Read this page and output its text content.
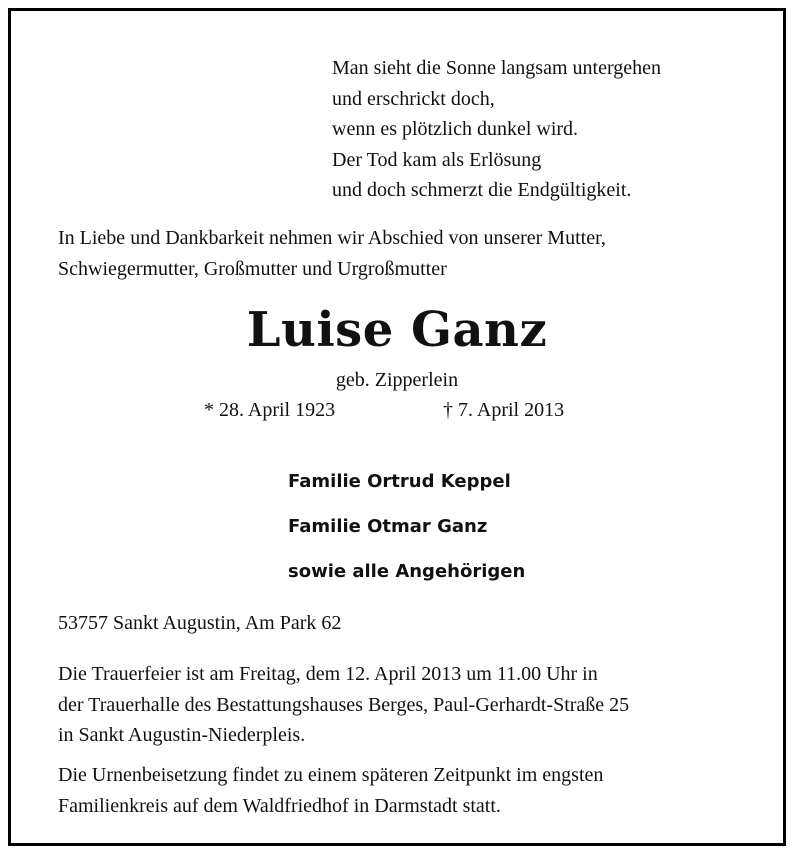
Man sieht die Sonne langsam untergehen
und erschrickt doch,
wenn es plötzlich dunkel wird.
Der Tod kam als Erlösung
und doch schmerzt die Endgültigkeit.
In Liebe und Dankbarkeit nehmen wir Abschied von unserer Mutter,
Schwiegermutter, Großmutter und Urgroßmutter
Luise Ganz
geb. Zipperlein
* 28. April 1923	† 7. April 2013
Familie Ortrud Keppel
Familie Otmar Ganz
sowie alle Angehörigen
53757 Sankt Augustin, Am Park 62
Die Trauerfeier ist am Freitag, dem 12. April 2013 um 11.00 Uhr in
der Trauerhalle des Bestattungshauses Berges, Paul-Gerhardt-Straße 25
in Sankt Augustin-Niederpleis.
Die Urnenbeisetzung findet zu einem späteren Zeitpunkt im engsten
Familienkreis auf dem Waldfriedhof in Darmstadt statt.
